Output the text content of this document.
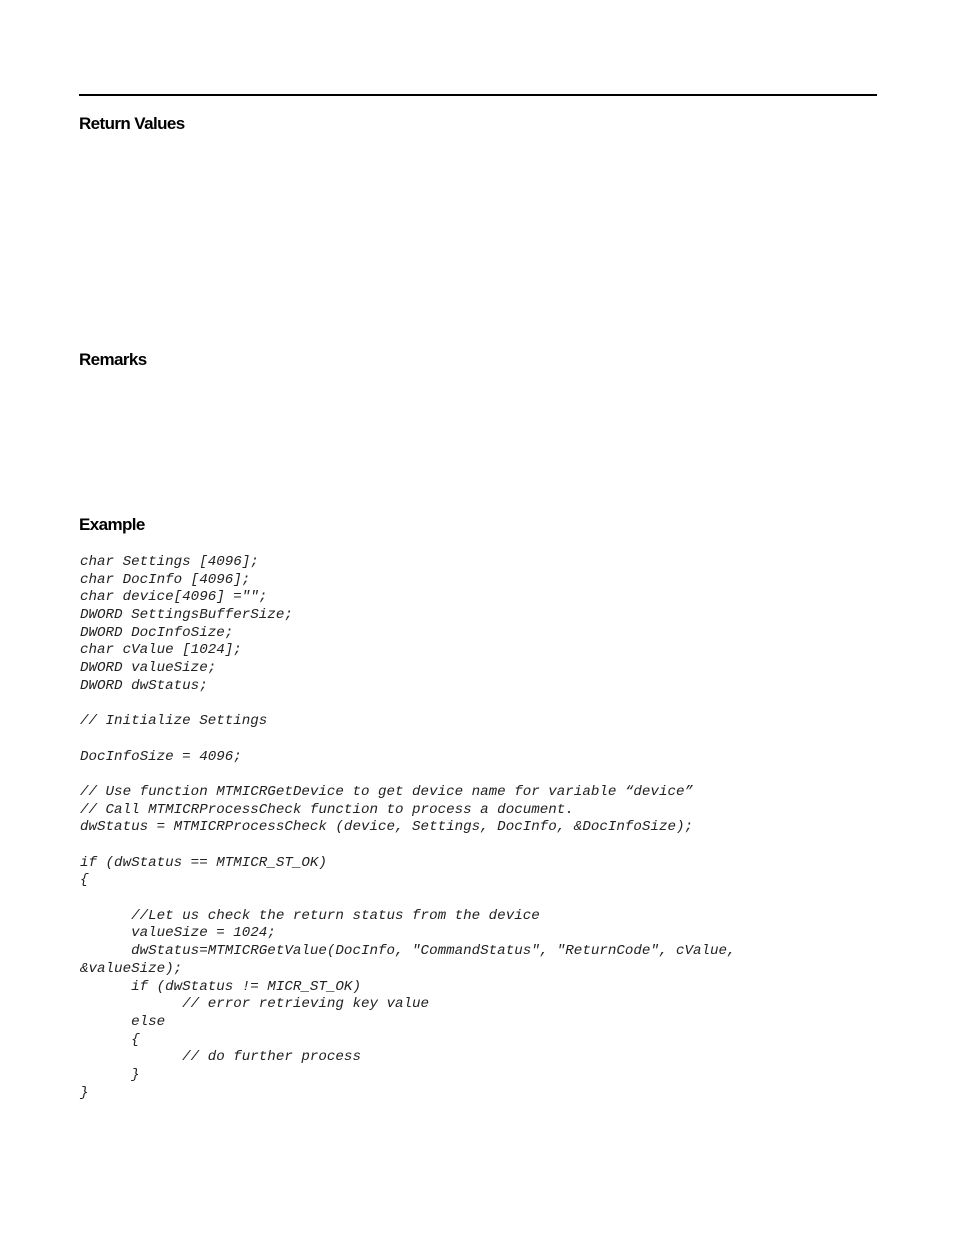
Return Values
Remarks
Example
char Settings [4096];
char DocInfo [4096];
char device[4096] ="";
DWORD SettingsBufferSize;
DWORD DocInfoSize;
char cValue [1024];
DWORD valueSize;
DWORD dwStatus;
// Initialize Settings
DocInfoSize = 4096;
// Use function MTMICRGetDevice to get device name for variable “device”
// Call MTMICRProcessCheck function to process a document.
dwStatus = MTMICRProcessCheck (device, Settings, DocInfo, &DocInfoSize);
if (dwStatus == MTMICR_ST_OK)
{
//Let us check the return status from the device
valueSize = 1024;
dwStatus=MTMICRGetValue(DocInfo, "CommandStatus", "ReturnCode", cValue,
&valueSize);
if (dwStatus != MICR_ST_OK)
// error retrieving key value
else
{
// do further process
}
}
